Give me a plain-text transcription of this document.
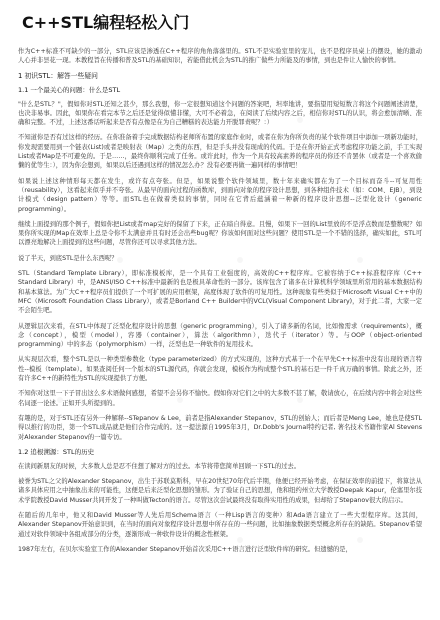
C++STL编程轻松入门
作为C++标准不可缺少的一部分，STL应该是渗透在C++程序的角角落落里的。STL不是实验室里的宠儿，也不是程序员桌上的摆设，她的激动人心并非昙花一现。本教程旨在传播和普及STL的基础知识，若能借此机会为STL的推广做些力所能及的事情，到也是件让人愉快的事情。
1 初识STL：解答一些疑问
1.1 一个最关心的问题：什么是STL
"什么是STL？"，假如你对STL还知之甚少，那么我想，你一定很想知道这个问题的答案吧，坦率地讲，要指望用短短数言将这个问题阐述清楚，也决非易事。因此，如果你在看完本节之后还是觉得似懂非懂，大可不必着急，在阅读了后续内容之后，相信你对STL的认识，将会愈加清晰、准确和完整。不过，上述这番话听起来是否有点像是在为自己糟糕的表达能力开脱罪责呢？：）
不知道你是否有过这样的经历。在你准备着手完成数据结构老师所布置的家庭作业时，或者在你为你所负责的某个软件项目中添加一项新功能时，你发现需要用到一个链表(List)或者是映射表（Map）之类的东西，但是手头并没有现成的代码。于是在你开始正式考虑程序功能之前，手工实现List或者Map是不可避免的。于是……，最终你顺利完成了任务。或许此时，作为一个具有较高素养的程序员的你还不肯罢休（或者是一个喜欢偷懒的优等生：），因为你会想到，如果以后还遇到这样的情况怎么办？没有必要再做一遍同样的事情吧！
如果说上述这种情形每天都在发生，或许有点夸张。但是，如果说整个软件领域里，数十年来确实都在为了一个目标而奋斗--可复用性（reusability），这看起来似乎并不夸张。从最早的面向过程的函数库，到面向对象的程序设计思想，到各种组件技术（如：COM、EJB），到设计模式（design pattern）等等。而STL也在做着类似的事情，同时在它背后蕴涵着一种新的程序设计思想--泛型化设计（generic programming）。
继续上面提到的那个例子，假如你把List或者map完好的保留了下来，正在暗自得意。且慢，如果下一回的List里放的不是浮点数而是整数呢？如果你所实现的Map在效率上总是令你不太满意并且有时还会出些bug呢？你该如何面对这些问题？使用STL是一个不错的选择，确实如此，STL可以漂亮地解决上面提到的这些问题，尽管你还可以寻求其他方法。
说了半天，到底STL是什么东西呢？
STL（Standard Template Library），即标准模板库，是一个具有工业强度的，高效的C++程序库。它被容纳于C++标准程序库（C++ Standard Library）中，是ANSI/ISO C++标准中最新的也是极具革命性的一部分。该库包含了诸多在计算机科学领域里所常用的基本数据结构和基本算法。为广大C++程序员们提供了一个可扩展的应用框架，高度体现了软件的可复用性。这种现象有些类似于Microsoft Visual C++中的MFC（Microsoft Foundation Class Library），或者是Borland C++ Builder中的VCL(Visual Component Library)，对于此二者，大家一定不会陌生吧。
从逻辑层次来看，在STL中体现了泛型化程序设计的思想（generic programming），引入了诸多新的名词，比如像需求（requirements），概念（concept），模型（model），容器（container），算法（algorithmn），迭代子（iterator）等。与OOP（object-oriented programming）中的多态（polymorphism）一样，泛型也是一种软件的复用技术。
从实现层次看，整个STL是以一种类型参数化（type parameterized）的方式实现的，这种方式基于一个在早先C++标准中没有出现的语言特性--模板（template）。如果查阅任何一个版本的STL源代码，你就会发现，模板作为构成整个STL的基石是一件千真万确的事情。除此之外，还有许多C++的新特性为STL的实现提供了方便。
不知你对这里一下子冒出这么多术语做何感想，希望不会另你不愉快。假如你对它们之中的大多数不甚了解，敬请放心，在后续内容中将会对这些名词逐一论述。正如开头所提到的。
有趣的是，对于STL还有另外一种解释--STepanov & Lee，前者是指Alexander Stepanov，STL的创始人；而后者是Meng Lee，她也是使STL得以推行的功臣，第一个STL成品就是他们合作完成的。这一提法源自1995年3月，Dr.Dobb's Journal特约记者, 著名技术书籍作家Al Stevens对Alexander Stepanov的一篇专访。
1.2 追根溯源：STL的历史
在读间新朋友的时候，大多数人总是忍不住想了解对方的过去。本节将带您简单回顾一下STL的过去。
被誉为STL之父的Alexander Stepanov，出生于苏联莫斯科，早在20世纪70年代后半期，他便已经开始考虑，在保证效率的前提下，将算法从诸多具体应用之中抽象出来的可能性，这便是后来泛型化思想的雏形。为了验证自己的思想，他和纽约州立大学教授Deepak Kapur，伦塞里尔技术学院教授David Musser共同开发了一种叫做Tecton的语言。尽管这次尝试最终没有取得实用性的成果，但却给了Stepanov很大的启示。
在随后的几年中，他又和David Musser等人先后用Schema语言（一种Lisp语言的变种）和Ada语言建立了一些大型程序库。这其间，Alexander Stepanov开始意识到，在当时的面向对象程序设计思想中所存在的一些问题，比如抽象数据类型概念所存在的缺陷。Stepanov希望通过对软件领域中各组成部分的分类，逐渐形成一种软件设计的概念性框架。
1987年左右，在贝尔实验室工作的Alexander Stepanov开始首次采用C++语言进行泛型软件库的研究。但遗憾的是，
